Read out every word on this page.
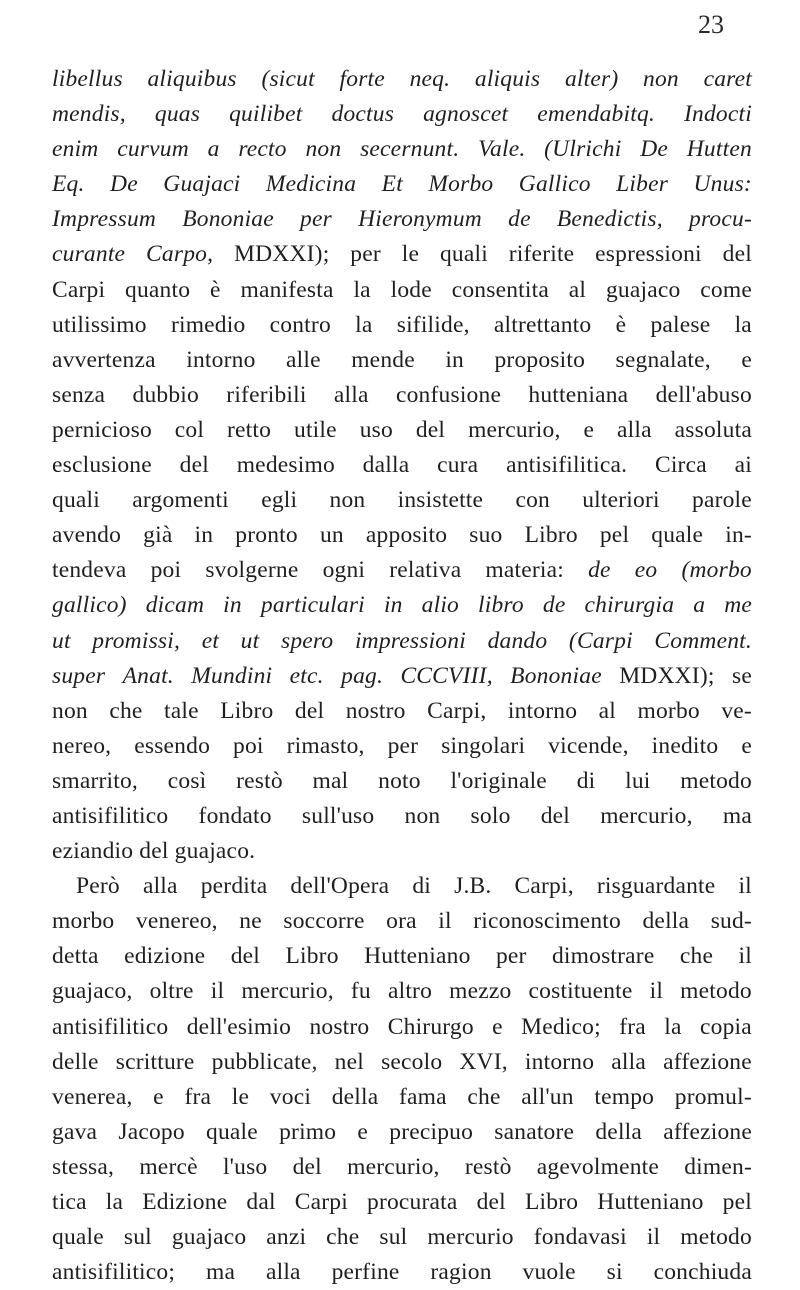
23
libellus aliquibus (sicut forte neq. aliquis alter) non caret
mendis, quas quilibet doctus agnoscet emendabitq. Indocti
enim curvum a recto non secernunt. Vale. (Ulrichi De Hutten
Eq. De Guajaci Medicina Et Morbo Gallico Liber Unus:
Impressum Bononiae per Hieronymum de Benedictis, procu-
curante Carpo, MDXXI); per le quali riferite espressioni del
Carpi quanto è manifesta la lode consentita al guajaco come
utilissimo rimedio contro la sifilide, altrettanto è palese la
avvertenza intorno alle mende in proposito segnalate, e
senza dubbio riferibili alla confusione hutteniana dell'abuso
pernicioso col retto utile uso del mercurio, e alla assoluta
esclusione del medesimo dalla cura antisifilitica. Circa ai
quali argomenti egli non insistette con ulteriori parole
avendo già in pronto un apposito suo Libro pel quale in-
tendeva poi svolgerne ogni relativa materia: de eo (morbo
gallico) dicam in particulari in alio libro de chirurgia a me
ut promissi, et ut spero impressioni dando (Carpi Comment.
super Anat. Mundini etc. pag. CCCVIII, Bononiae MDXXI); se
non che tale Libro del nostro Carpi, intorno al morbo ve-
nereo, essendo poi rimasto, per singolari vicende, inedito e
smarrito, così restò mal noto l'originale di lui metodo
antisifilitico fondato sull'uso non solo del mercurio, ma
eziandio
del
guajaco.

Però alla perdita dell'Opera di J.B. Carpi, risguardante il
morbo venereo, ne soccorre ora il riconoscimento della sud-
detta edizione del Libro Hutteniano per dimostrare che il
guajaco, oltre il mercurio, fu altro mezzo costituente il metodo
antisifilitico dell'esimio nostro Chirurgo e Medico; fra la copia
delle scritture pubblicate, nel secolo XVI, intorno alla affezione
venerea, e fra le voci della fama che all'un tempo promul-
gava Jacopo quale primo e precipuo sanatore della affezione
stessa, mercè l'uso del mercurio, restò agevolmente dimen-
tica la Edizione dal Carpi procurata del Libro Hutteniano pel
quale sul guajaco anzi che sul mercurio fondavasi il metodo
antisifilitico; ma alla perfine ragion vuole si conchiuda
